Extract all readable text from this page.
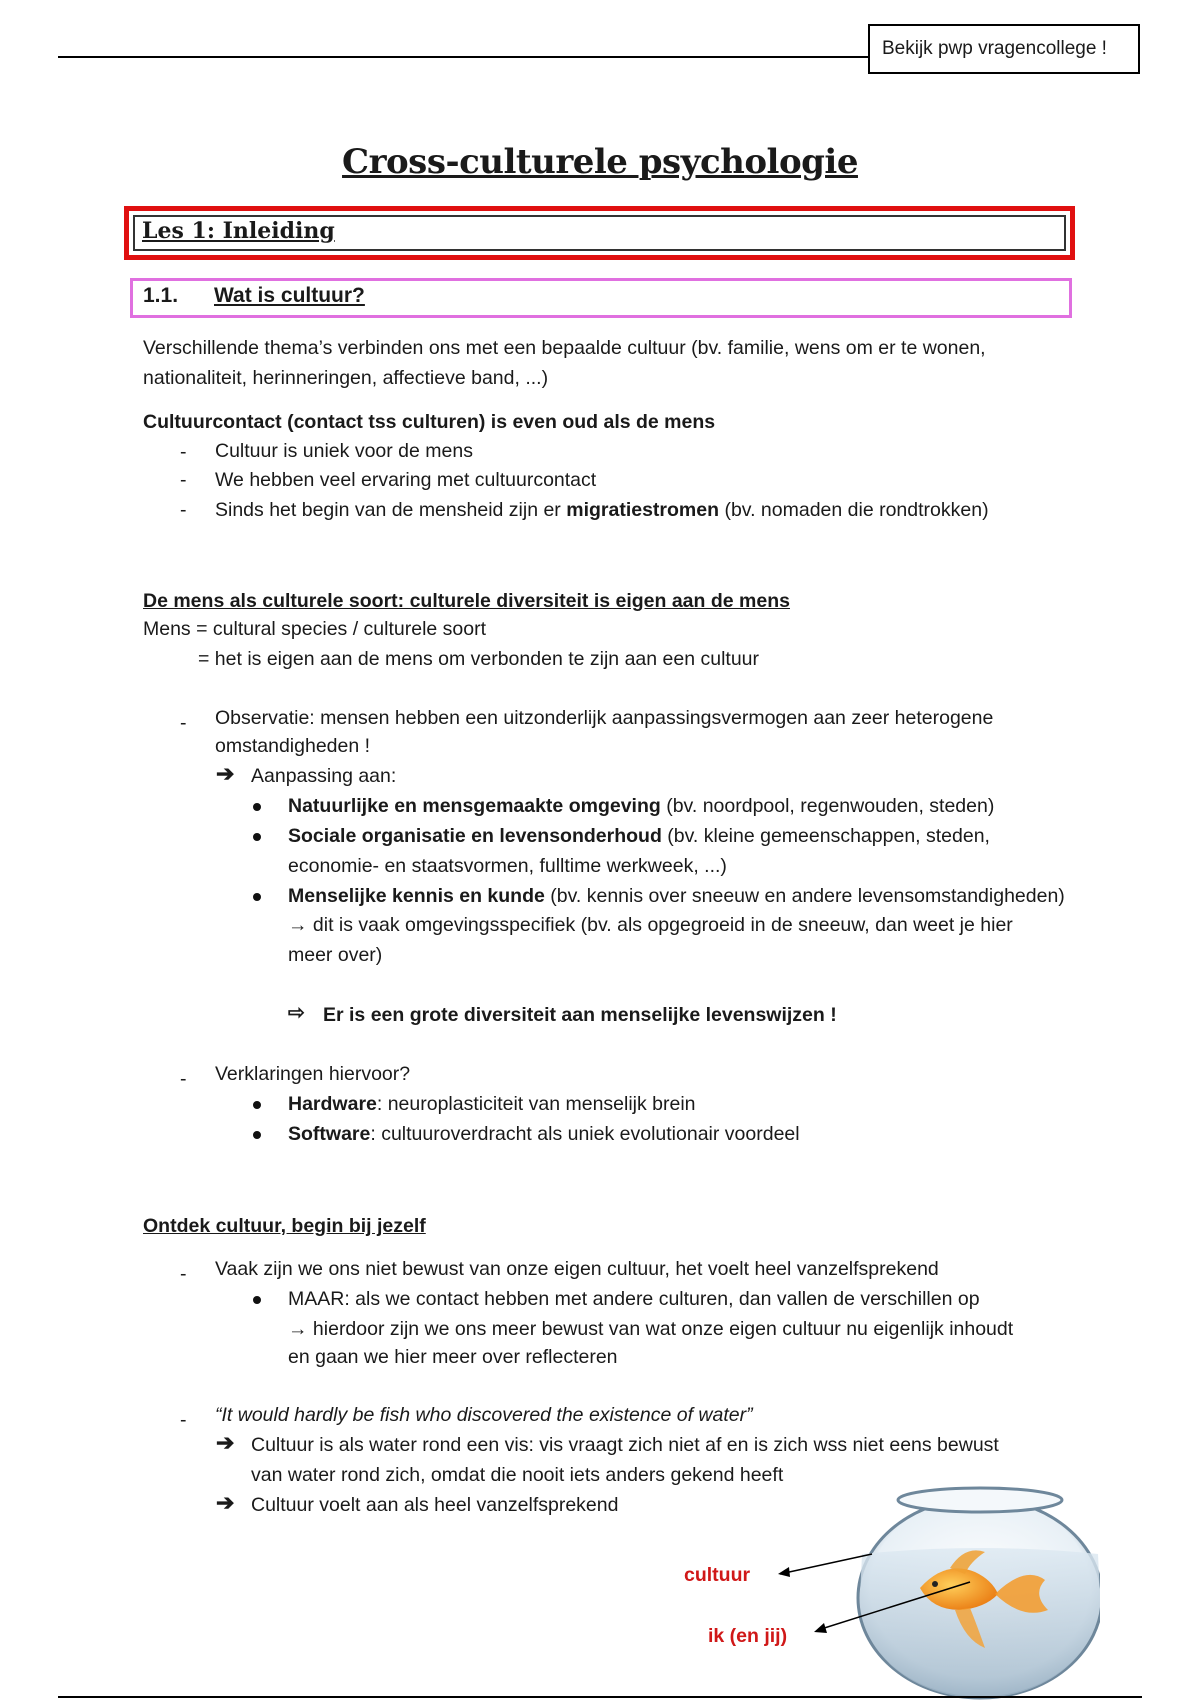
Bekijk pwp vragencollege !
Cross-culturele psychologie
Les 1: Inleiding
1.1. Wat is cultuur?
Verschillende thema’s verbinden ons met een bepaalde cultuur (bv. familie, wens om er te wonen,
nationaliteit, herinneringen, affectieve band, ...)
Cultuurcontact (contact tss culturen) is even oud als de mens
- Cultuur is uniek voor de mens
- We hebben veel ervaring met cultuurcontact
- Sinds het begin van de mensheid zijn er migratiestromen (bv. nomaden die rondtrokken)
De mens als culturele soort: culturele diversiteit is eigen aan de mens
Mens = cultural species / culturele soort
= het is eigen aan de mens om verbonden te zijn aan een cultuur
- Observatie: mensen hebben een uitzonderlijk aanpassingsvermogen aan zeer heterogene
omstandigheden !
➔ Aanpassing aan:
Natuurlijke en mensgemaakte omgeving (bv. noordpool, regenwouden, steden)
Sociale organisatie en levensonderhoud (bv. kleine gemeenschappen, steden,
economie- en staatsvormen, fulltime werkweek, ...)
Menselijke kennis en kunde (bv. kennis over sneeuw en andere levensomstandigheden)
→ dit is vaak omgevingsspecifiek (bv. als opgegroeid in de sneeuw, dan weet je hier
meer over)
⇨ Er is een grote diversiteit aan menselijke levenswijzen !
- Verklaringen hiervoor?
Hardware: neuroplasticiteit van menselijk brein
Software: cultuuroverdracht als uniek evolutionair voordeel
Ontdek cultuur, begin bij jezelf
- Vaak zijn we ons niet bewust van onze eigen cultuur, het voelt heel vanzelfsprekend
MAAR: als we contact hebben met andere culturen, dan vallen de verschillen op
→ hierdoor zijn we ons meer bewust van wat onze eigen cultuur nu eigenlijk inhoudt
en gaan we hier meer over reflecteren
- “It would hardly be fish who discovered the existence of water”
➔ Cultuur is als water rond een vis: vis vraagt zich niet af en is zich wss niet eens bewust
van water rond zich, omdat die nooit iets anders gekend heeft
➔ Cultuur voelt aan als heel vanzelfsprekend
cultuur
ik (en jij)
